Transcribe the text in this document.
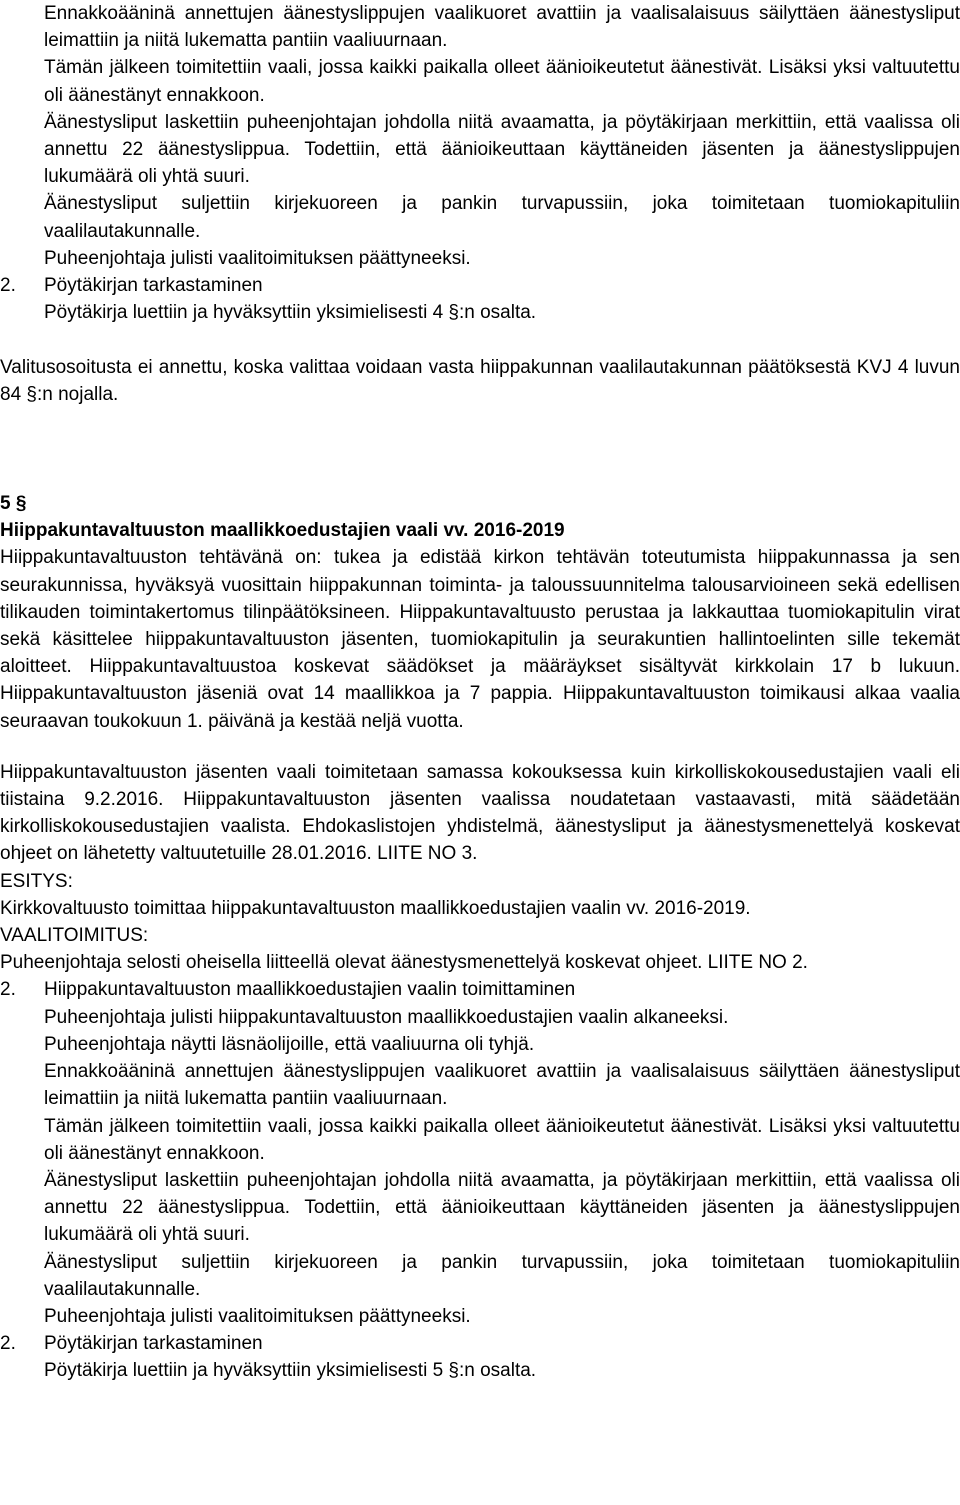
Ennakkoääninä annettujen äänestyslippujen vaalikuoret avattiin ja vaalisalaisuus säilyttäen äänestysliput leimattiin ja niitä lukematta pantiin vaaliuurnaan.
Tämän jälkeen toimitettiin vaali, jossa kaikki paikalla olleet äänioikeutetut äänestivät. Lisäksi yksi valtuutettu oli äänestänyt ennakkoon.
Äänestysliput laskettiin puheenjohtajan johdolla niitä avaamatta, ja pöytäkirjaan merkittiin, että vaalissa oli annettu 22 äänestyslippua. Todettiin, että äänioikeuttaan käyttäneiden jäsenten ja äänestyslippujen lukumäärä oli yhtä suuri.
Äänestysliput suljettiin kirjekuoreen ja pankin turvapussiin, joka toimitetaan tuomiokapituliin vaalilautakunnalle.
Puheenjohtaja julisti vaalitoimituksen päättyneeksi.
2. Pöytäkirjan tarkastaminen
Pöytäkirja luettiin ja hyväksyttiin yksimielisesti 4 §:n osalta.
Valitusosoitusta ei annettu, koska valittaa voidaan vasta hiippakunnan vaalilautakunnan päätöksestä KVJ 4 luvun 84 §:n nojalla.
5 §
Hiippakuntavaltuuston maallikkoedustajien vaali vv. 2016-2019
Hiippakuntavaltuuston tehtävänä on: tukea ja edistää kirkon tehtävän toteutumista hiippakunnassa ja sen seurakunnissa, hyväksyä vuosittain hiippakunnan toiminta- ja taloussuunnitelma talousarvioineen sekä edellisen tilikauden toimintakertomus tilinpäätöksineen. Hiippakuntavaltuusto perustaa ja lakkauttaa tuomiokapitulin virat sekä käsittelee hiippakuntavaltuuston jäsenten, tuomiokapitulin ja seurakuntien hallintoelinten sille tekemät aloitteet. Hiippakuntavaltuustoa koskevat säädökset ja määräykset sisältyvät kirkkolain 17 b lukuun. Hiippakuntavaltuuston jäseniä ovat 14 maallikkoa ja 7 pappia. Hiippakuntavaltuuston toimikausi alkaa vaalia seuraavan toukokuun 1. päivänä ja kestää neljä vuotta.
Hiippakuntavaltuuston jäsenten vaali toimitetaan samassa kokouksessa kuin kirkolliskokousedustajien vaali eli tiistaina 9.2.2016. Hiippakuntavaltuuston jäsenten vaalissa noudatetaan vastaavasti, mitä säädetään kirkolliskokousedustajien vaalista. Ehdokaslistojen yhdistelmä, äänestysliput ja äänestysmenettelyä koskevat ohjeet on lähetetty valtuutetuille 28.01.2016. LIITE NO 3.
ESITYS:
Kirkkovaltuusto toimittaa hiippakuntavaltuuston maallikkoedustajien vaalin vv. 2016-2019.
VAALITOIMITUS:
Puheenjohtaja selosti oheisella liitteellä olevat äänestysmenettelyä koskevat ohjeet. LIITE NO 2.
2. Hiippakuntavaltuuston maallikkoedustajien vaalin toimittaminen
Puheenjohtaja julisti hiippakuntavaltuuston maallikkoedustajien vaalin alkaneeksi.
Puheenjohtaja näytti läsnäolijoille, että vaaliuurna oli tyhjä.
Ennakkoääninä annettujen äänestyslippujen vaalikuoret avattiin ja vaalisalaisuus säilyttäen äänestysliput leimattiin ja niitä lukematta pantiin vaaliuurnaan.
Tämän jälkeen toimitettiin vaali, jossa kaikki paikalla olleet äänioikeutetut äänestivät. Lisäksi yksi valtuutettu oli äänestänyt ennakkoon.
Äänestysliput laskettiin puheenjohtajan johdolla niitä avaamatta, ja pöytäkirjaan merkittiin, että vaalissa oli annettu 22 äänestyslippua. Todettiin, että äänioikeuttaan käyttäneiden jäsenten ja äänestyslippujen lukumäärä oli yhtä suuri.
Äänestysliput suljettiin kirjekuoreen ja pankin turvapussiin, joka toimitetaan tuomiokapituliin vaalilautakunnalle.
Puheenjohtaja julisti vaalitoimituksen päättyneeksi.
2. Pöytäkirjan tarkastaminen
Pöytäkirja luettiin ja hyväksyttiin yksimielisesti 5 §:n osalta.
